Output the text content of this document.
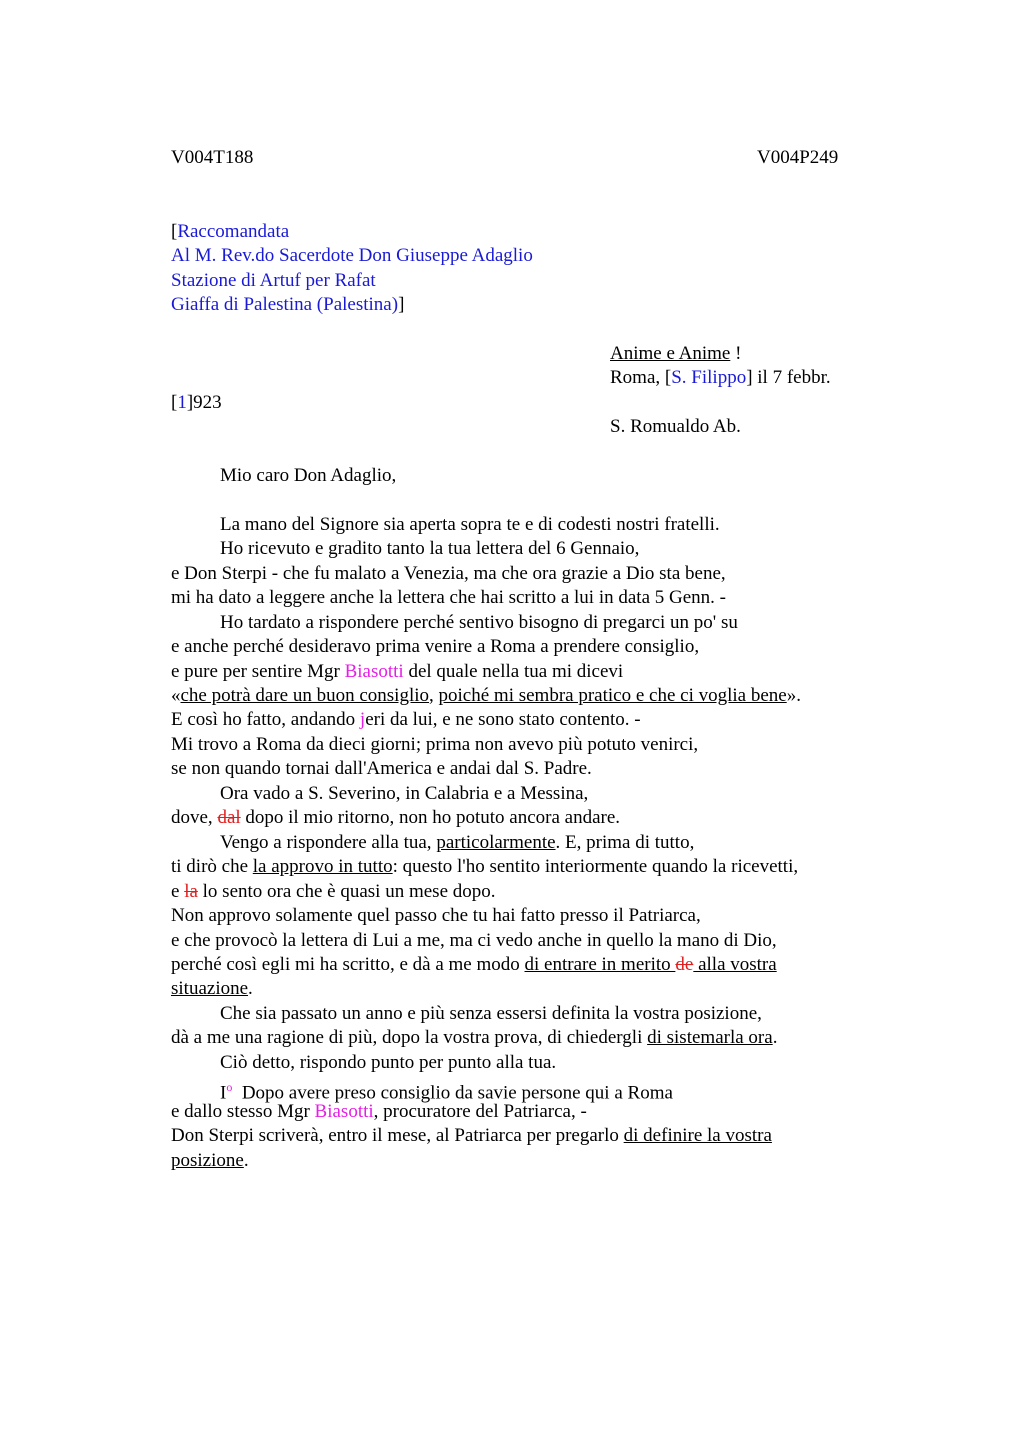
V004T188	V004P249
[Raccomandata
Al M. Rev.do Sacerdote Don Giuseppe Adaglio
Stazione di Artuf per Rafat
Giaffa di Palestina (Palestina)]
Anime e Anime !
Roma, [S. Filippo] il 7 febbr.
[1]923
S. Romualdo Ab.
Mio caro Don Adaglio,
La mano del Signore sia aperta sopra te e di codesti nostri fratelli.
Ho ricevuto e gradito tanto la tua lettera del 6 Gennaio,
e Don Sterpi - che fu malato a Venezia, ma che ora grazie a Dio sta bene,
mi ha dato a leggere anche la lettera che hai scritto a lui in data 5 Genn. -
Ho tardato a rispondere perché sentivo bisogno di pregarci un po' su
e anche perché desideravo prima venire a Roma a prendere consiglio,
e pure per sentire Mgr Biasotti del quale nella tua mi dicevi
«che potrà dare un buon consiglio, poiché mi sembra pratico e che ci voglia bene».
E così ho fatto, andando jeri da lui, e ne sono stato contento. -
Mi trovo a Roma da dieci giorni; prima non avevo più potuto venirci,
se non quando tornai dall'America e andai dal S. Padre.
Ora vado a S. Severino, in Calabria e a Messina,
dove, dal dopo il mio ritorno, non ho potuto ancora andare.
Vengo a rispondere alla tua, particolarmente. E, prima di tutto,
ti dirò che la approvo in tutto: questo l'ho sentito interiormente quando la ricevetti,
e la lo sento ora che è quasi un mese dopo.
Non approvo solamente quel passo che tu hai fatto presso il Patriarca,
e che provocò la lettera di Lui a me, ma ci vedo anche in quello la mano di Dio,
perché così egli mi ha scritto, e dà a me modo di entrare in merito de alla vostra
situazione.
Che sia passato un anno e più senza essersi definita la vostra posizione,
dà a me una ragione di più, dopo la vostra prova, di chiedergli di sistemarla ora.
Ciò detto, rispondo punto per punto alla tua.
$I^o$  Dopo avere preso consiglio da savie persone qui a Roma
e dallo stesso Mgr Biasotti, procuratore del Patriarca, -
Don Sterpi scriverà, entro il mese, al Patriarca per pregarlo di definire la vostra
posizione.
